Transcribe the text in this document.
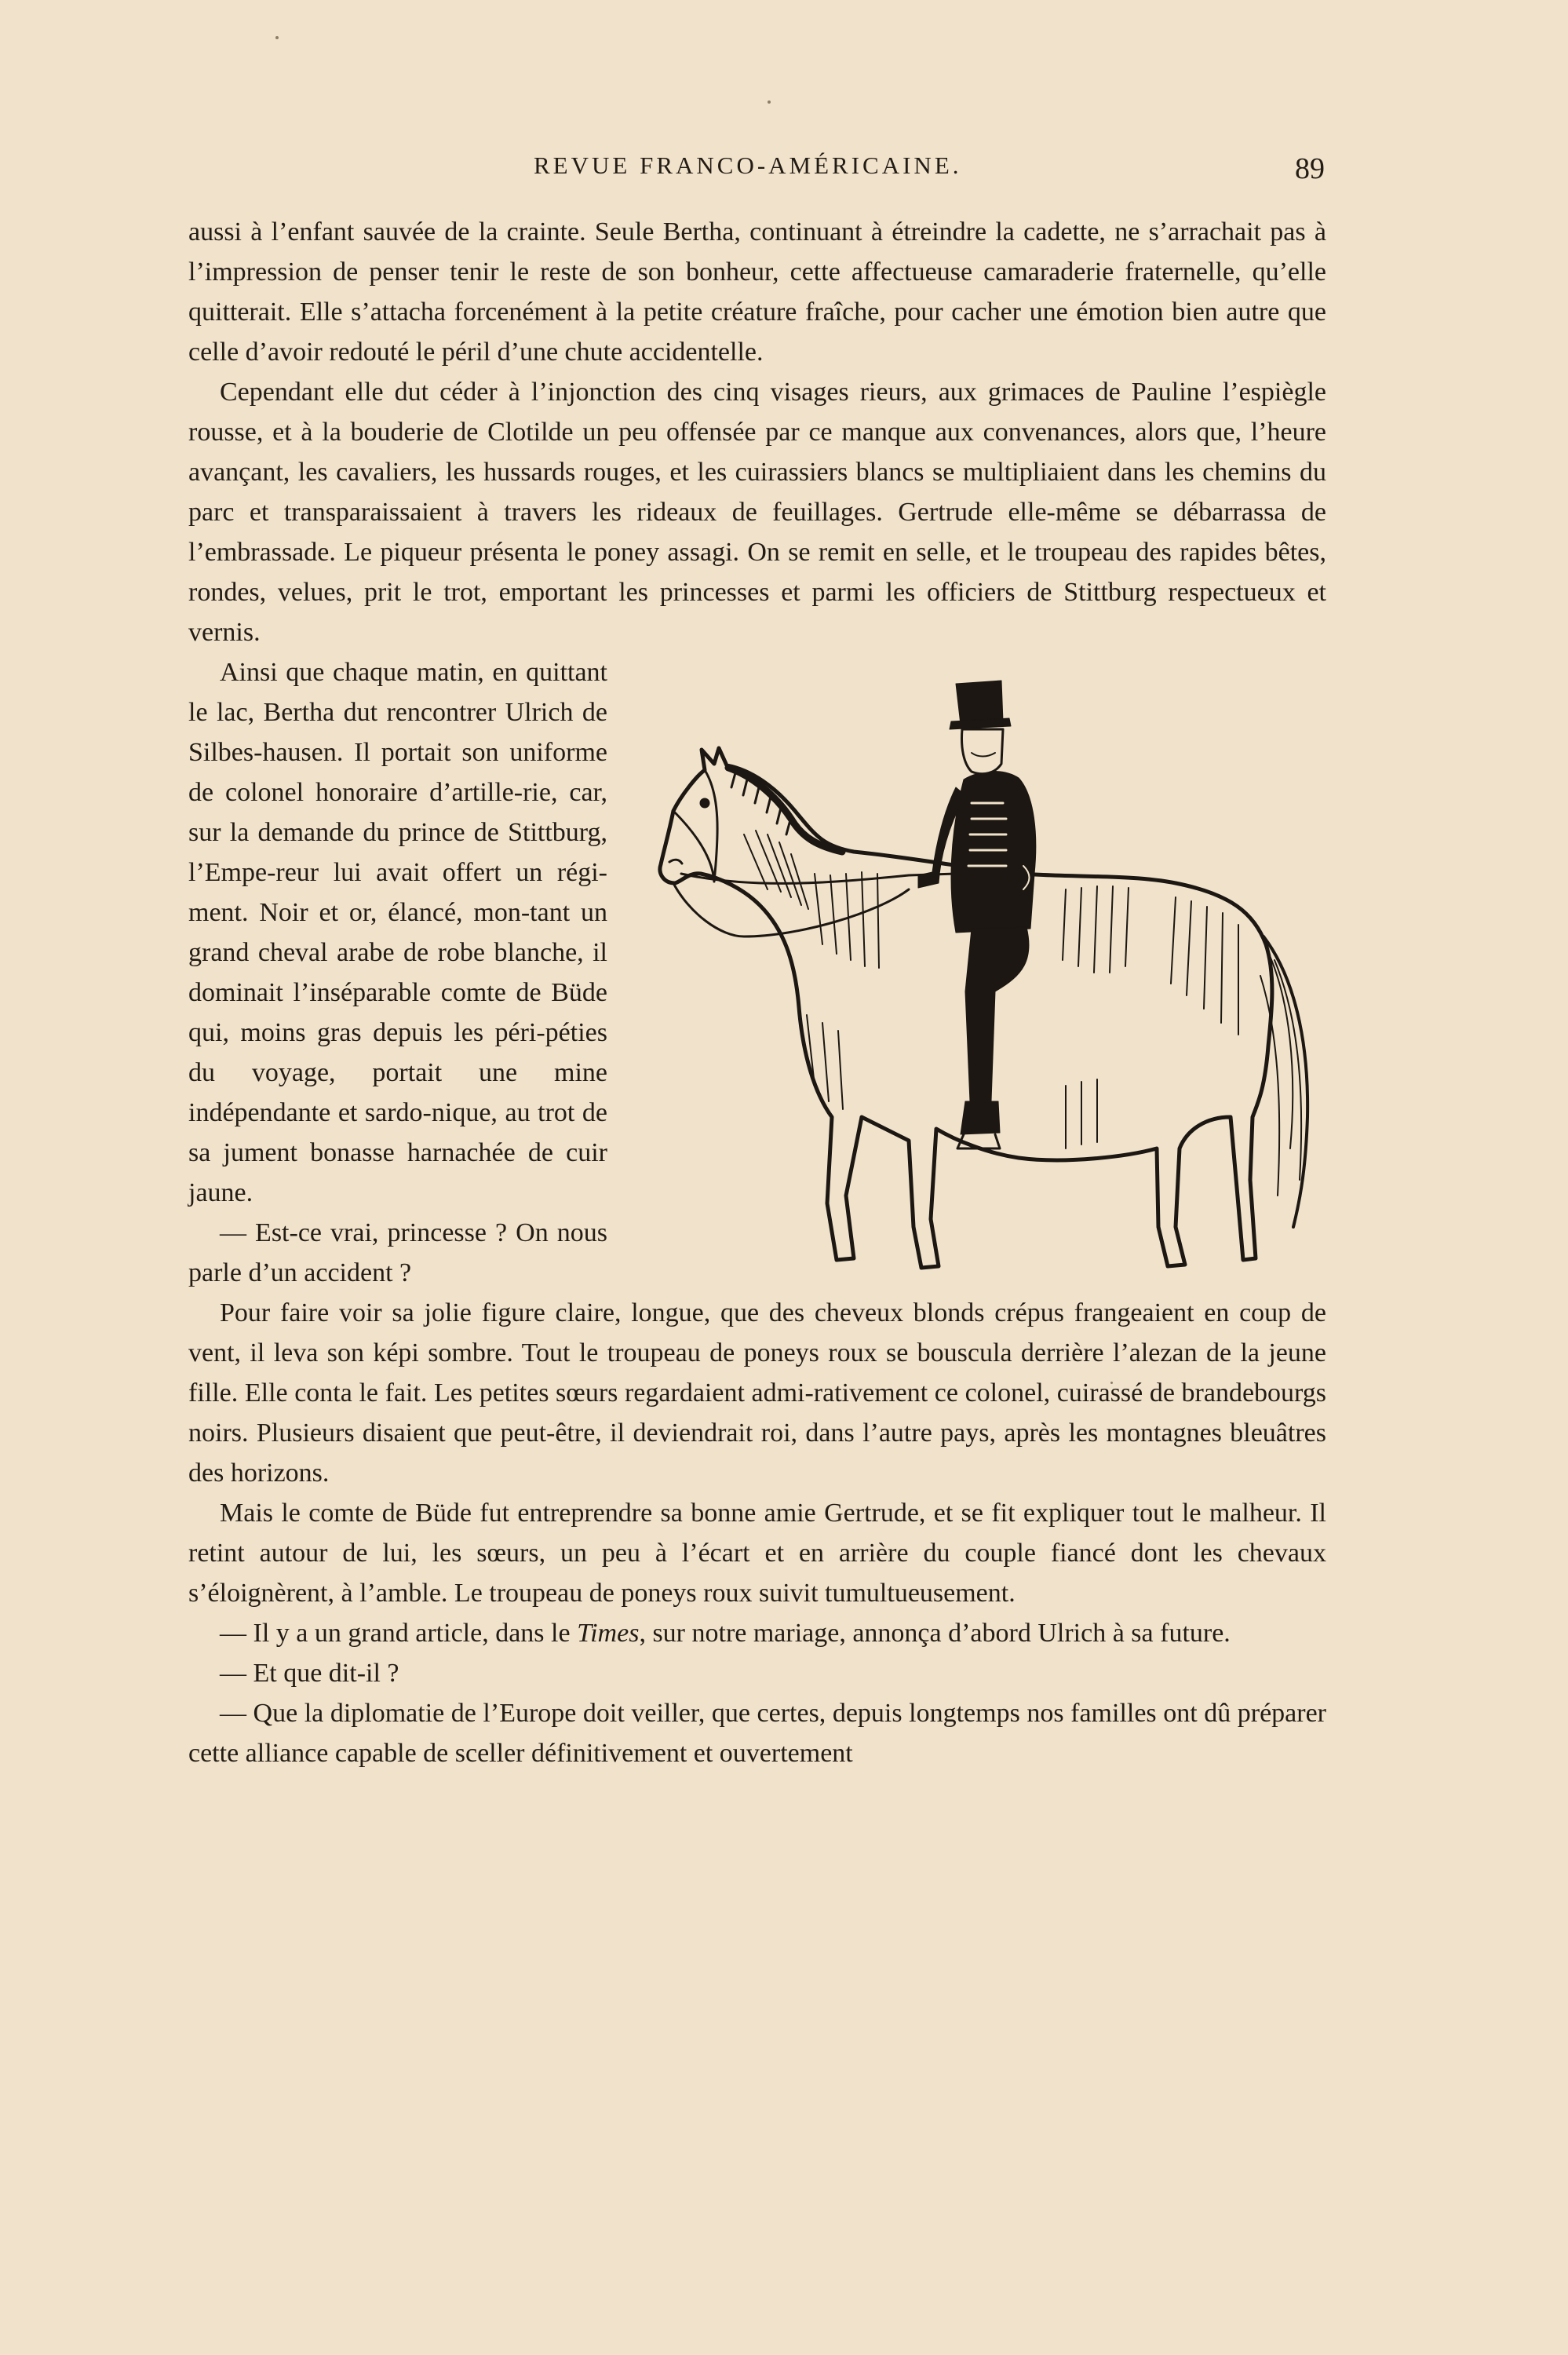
REVUE FRANCO-AMÉRICAINE.	89

aussi à l’enfant sauvée de la crainte. Seule Bertha, continuant à étreindre la cadette, ne s’arrachait pas à l’impression de penser tenir le reste de son bonheur, cette affectueuse camaraderie fraternelle, qu’elle quitterait. Elle s’attacha forcenément à la petite créature fraîche, pour cacher une émotion bien autre que celle d’avoir redouté le péril d’une chute accidentelle.

Cependant elle dut céder à l’injonction des cinq visages rieurs, aux grimaces de Pauline l’espiègle rousse, et à la bouderie de Clotilde un peu offensée par ce manque aux convenances, alors que, l’heure avançant, les cavaliers, les hussards rouges, et les cuirassiers blancs se multipliaient dans les chemins du parc et transparaissaient à travers les rideaux de feuillages. Gertrude elle-même se débarrassa de l’embrassade. Le piqueur présenta le poney assagi. On se remit en selle, et le troupeau des rapides bêtes, rondes, velues, prit le trot, emportant les princesses et parmi les officiers de Stittburg respectueux et vernis.

Ainsi que chaque matin, en quittant le lac, Bertha dut rencontrer Ulrich de Silbes-hausen. Il portait son uniforme de colonel honoraire d’artille-rie, car, sur la demande du prince de Stittburg, l’Empe-reur lui avait offert un régi-ment. Noir et or, élancé, mon-tant un grand cheval arabe de robe blanche, il dominait l’inséparable comte de Büde qui, moins gras depuis les péri-péties du voyage, portait une mine indépendante et sardo-nique, au trot de sa jument bonasse harnachée de cuir jaune.

— Est-ce vrai, princesse ? On nous parle d’un accident ?

Pour faire voir sa jolie figure claire, longue, que des cheveux blonds crépus frangeaient en coup de vent, il leva son képi sombre. Tout le troupeau de poneys roux se bouscula derrière l’alezan de la jeune fille. Elle conta le fait. Les petites sœurs regardaient admi-rativement ce colonel, cuirassé de brandebourgs noirs. Plusieurs disaient que peut-être, il deviendrait roi, dans l’autre pays, après les montagnes bleuâtres des horizons.

Mais le comte de Büde fut entreprendre sa bonne amie Gertrude, et se fit expliquer tout le malheur. Il retint autour de lui, les sœurs, un peu à l’écart et en arrière du couple fiancé dont les chevaux s’éloignèrent, à l’amble. Le troupeau de poneys roux suivit tumultueusement.

— Il y a un grand article, dans le Times, sur notre mariage, annonça d’abord Ulrich à sa future.

— Et que dit-il ?

— Que la diplomatie de l’Europe doit veiller, que certes, depuis longtemps nos familles ont dû préparer cette alliance capable de sceller définitivement et ouvertement
